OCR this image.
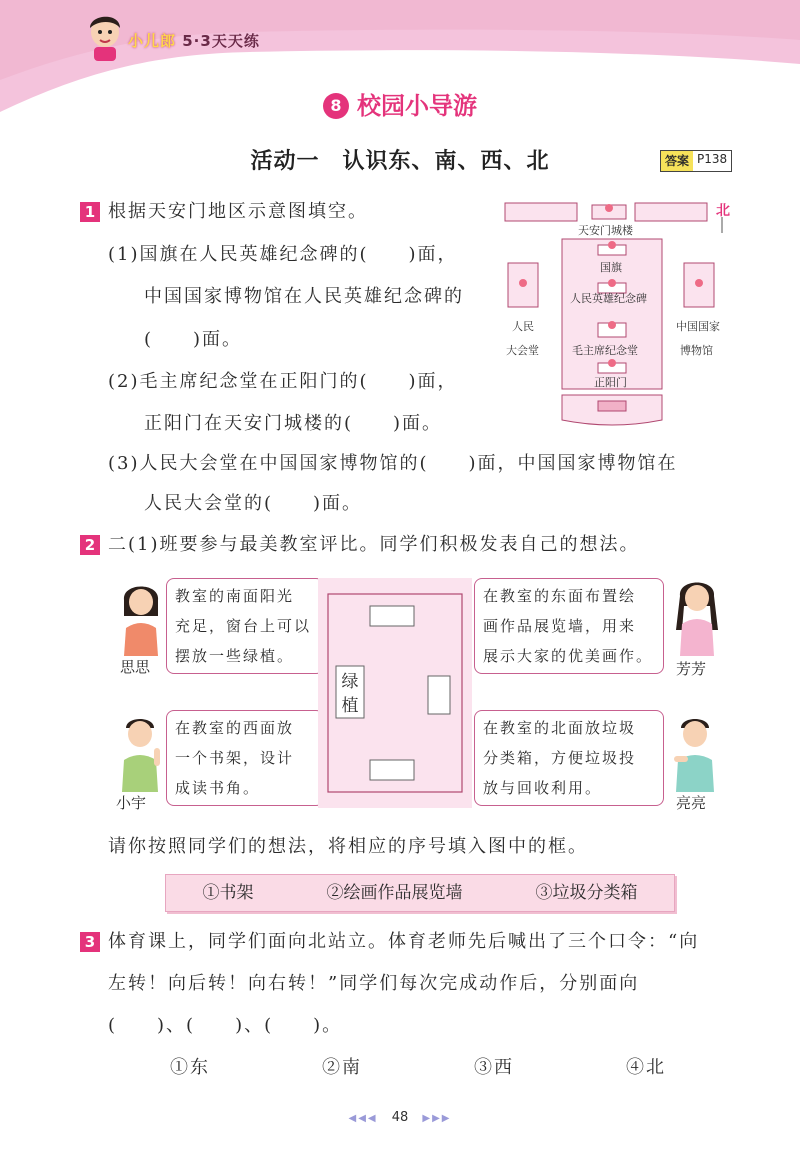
小儿郎 5·3天天练
8 校园小导游
活动一　认识东、南、西、北	答案 P138
1 根据天安门地区示意图填空。
(1)国旗在人民英雄纪念碑的(　　)面，
中国国家博物馆在人民英雄纪念碑的
(　　)面。
(2)毛主席纪念堂在正阳门的(　　)面，
正阳门在天安门城楼的(　　)面。
(3)人民大会堂在中国国家博物馆的(　　)面，中国国家博物馆在
人民大会堂的(　　)面。
北
天安门城楼
国旗
人民英雄纪念碑
毛主席纪念堂
正阳门
人民
大会堂
中国国家
博物馆
2 二(1)班要参与最美教室评比。同学们积极发表自己的想法。
思思
教室的南面阳光
充足，窗台上可以
摆放一些绿植。
小宇
在教室的西面放
一个书架，设计
成读书角。
绿
植
在教室的东面布置绘
画作品展览墙，用来
展示大家的优美画作。
芳芳
在教室的北面放垃圾
分类箱，方便垃圾投
放与回收利用。
亮亮
请你按照同学们的想法，将相应的序号填入图中的框。
①书架	②绘画作品展览墙	③垃圾分类箱
3 体育课上，同学们面向北站立。体育老师先后喊出了三个口令：“向
左转！向后转！向右转！”同学们每次完成动作后，分别面向
(　　)、(　　)、(　　)。
①东	②南	③西	④北
◀◀◀ 48 ▶▶▶
